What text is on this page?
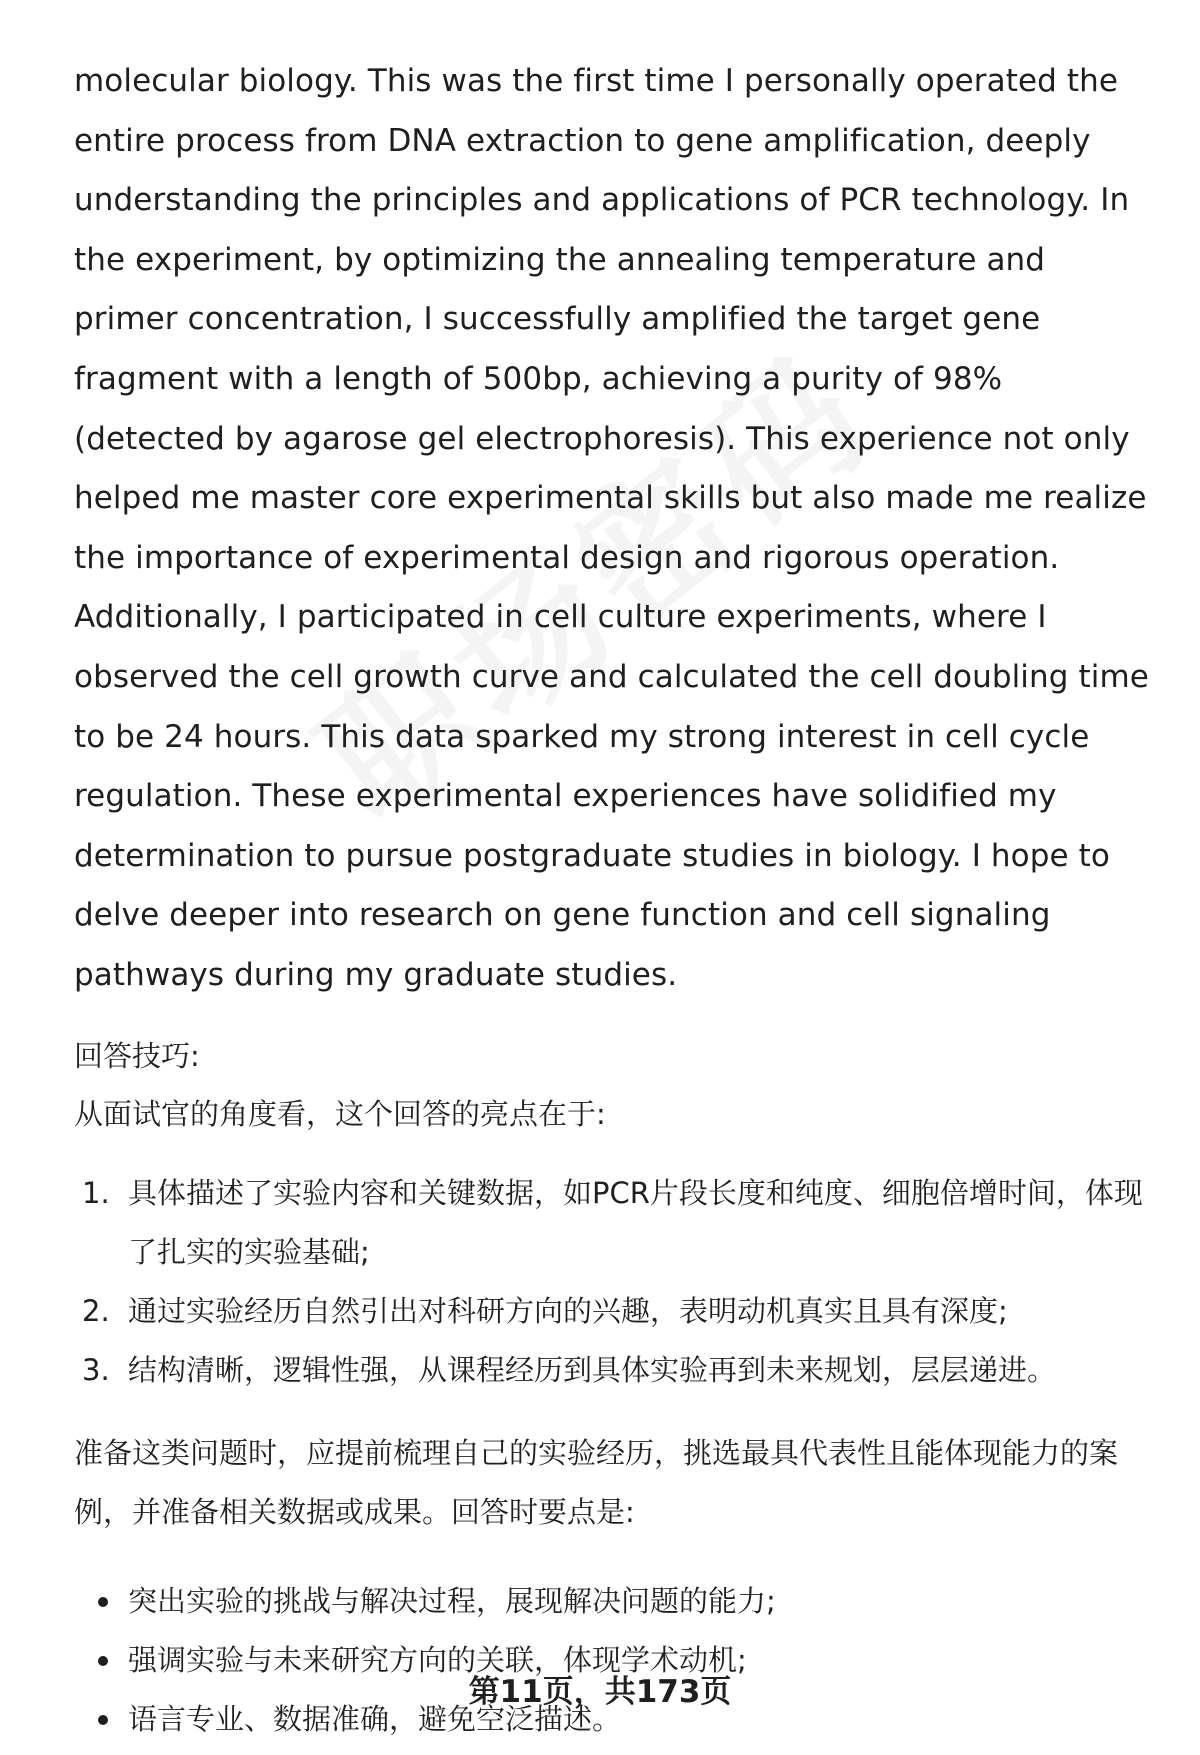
molecular biology. This was the first time I personally operated the entire process from DNA extraction to gene amplification, deeply understanding the principles and applications of PCR technology. In the experiment, by optimizing the annealing temperature and primer concentration, I successfully amplified the target gene fragment with a length of 500bp, achieving a purity of 98% (detected by agarose gel electrophoresis). This experience not only helped me master core experimental skills but also made me realize the importance of experimental design and rigorous operation. Additionally, I participated in cell culture experiments, where I observed the cell growth curve and calculated the cell doubling time to be 24 hours. This data sparked my strong interest in cell cycle regulation. These experimental experiences have solidified my determination to pursue postgraduate studies in biology. I hope to delve deeper into research on gene function and cell signaling pathways during my graduate studies.

回答技巧:

从面试官的角度看，这个回答的亮点在于:

1. 具体描述了实验内容和关键数据，如PCR片段长度和纯度、细胞倍增时间，体现了扎实的实验基础;
2. 通过实验经历自然引出对科研方向的兴趣，表明动机真实且具有深度;
3. 结构清晰，逻辑性强，从课程经历到具体实验再到未来规划，层层递进。

准备这类问题时，应提前梳理自己的实验经历，挑选最具代表性且能体现能力的案例，并准备相关数据或成果。回答时要点是:

突出实验的挑战与解决过程，展现解决问题的能力;
强调实验与未来研究方向的关联，体现学术动机;
语言专业、数据准确，避免空泛描述。
第11页，共173页
